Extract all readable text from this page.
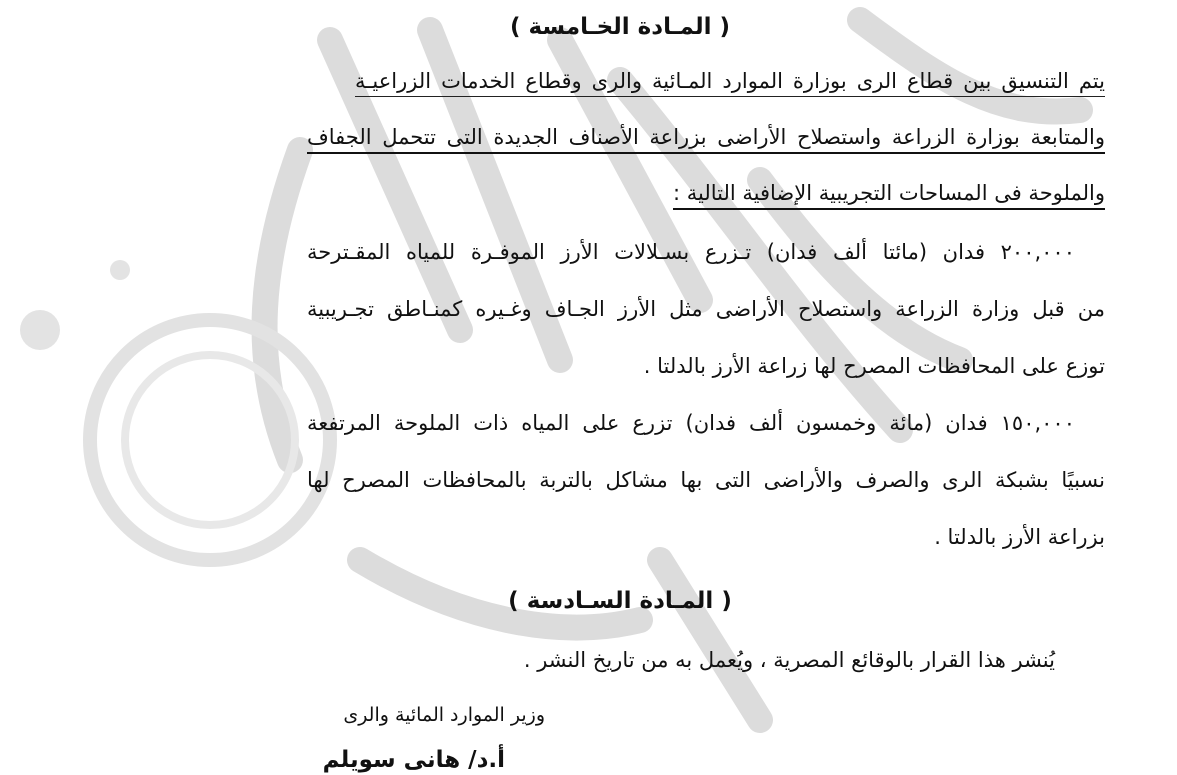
( المـادة الخـامسة )
يتم التنسيق بين قطاع الرى بوزارة الموارد المـائية والرى وقطاع الخدمات الزراعيـة
والمتابعة بوزارة الزراعة واستصلاح الأراضى بزراعة الأصناف الجديدة التى تتحمل الجفاف
والملوحة فى المساحات التجريبية الإضافية التالية :
٢٠٠,٠٠٠ فدان (مائتا ألف فدان) تـزرع بسـلالات الأرز الموفـرة للمياه المقـترحة
من قبل وزارة الزراعة واستصلاح الأراضى مثل الأرز الجـاف وغـيره كمنـاطق تجـريبية
توزع على المحافظات المصرح لها زراعة الأرز بالدلتا .
١٥٠,٠٠٠ فدان (مائة وخمسون ألف فدان) تزرع على المياه ذات الملوحة المرتفعة
نسبيًا بشبكة الرى والصرف والأراضى التى بها مشاكل بالتربة بالمحافظات المصرح لها
بزراعة الأرز بالدلتا .
( المـادة السـادسة )
يُنشر هذا القرار بالوقائع المصرية ، ويُعمل به من تاريخ النشر .
وزير الموارد المائية والرى
أ.د/ هانى سويلم
